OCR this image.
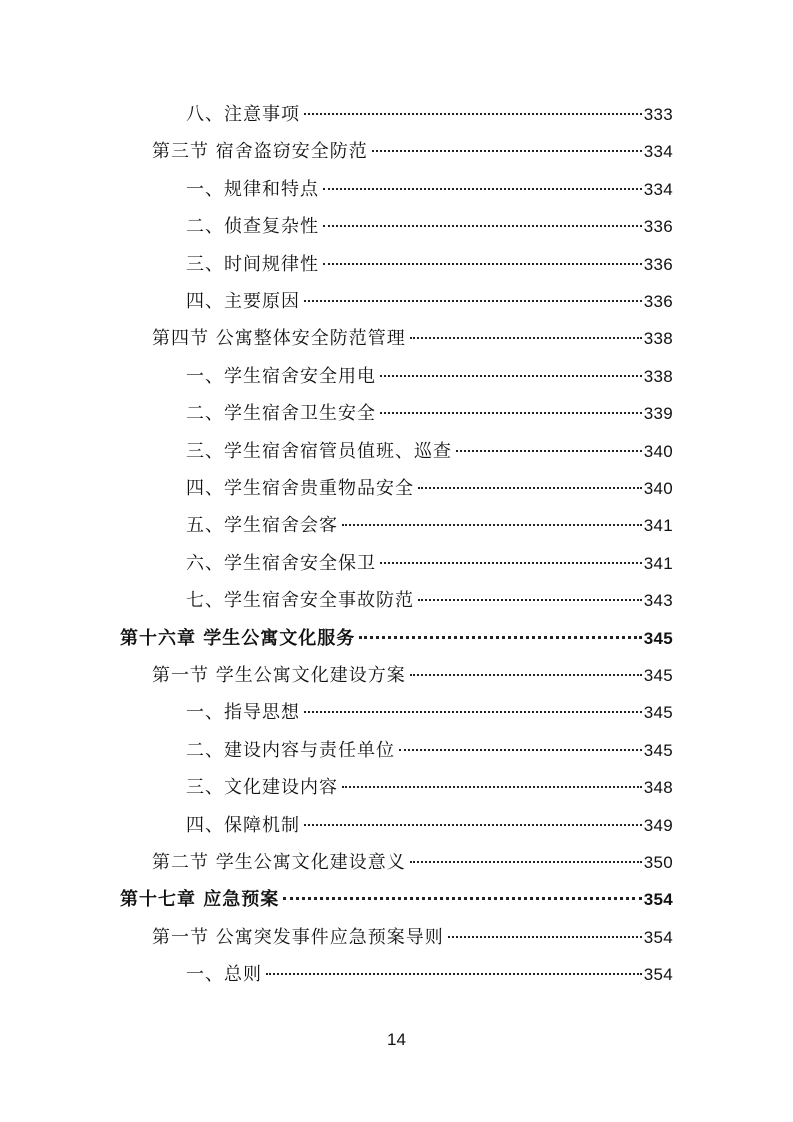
八、注意事项	333
第三节 宿舍盗窃安全防范	334
一、规律和特点	334
二、侦查复杂性	336
三、时间规律性	336
四、主要原因	336
第四节 公寓整体安全防范管理	338
一、学生宿舍安全用电	338
二、学生宿舍卫生安全	339
三、学生宿舍宿管员值班、巡查	340
四、学生宿舍贵重物品安全	340
五、学生宿舍会客	341
六、学生宿舍安全保卫	341
七、学生宿舍安全事故防范	343
第十六章 学生公寓文化服务	345
第一节 学生公寓文化建设方案	345
一、指导思想	345
二、建设内容与责任单位	345
三、文化建设内容	348
四、保障机制	349
第二节 学生公寓文化建设意义	350
第十七章 应急预案	354
第一节 公寓突发事件应急预案导则	354
一、总则	354
14
